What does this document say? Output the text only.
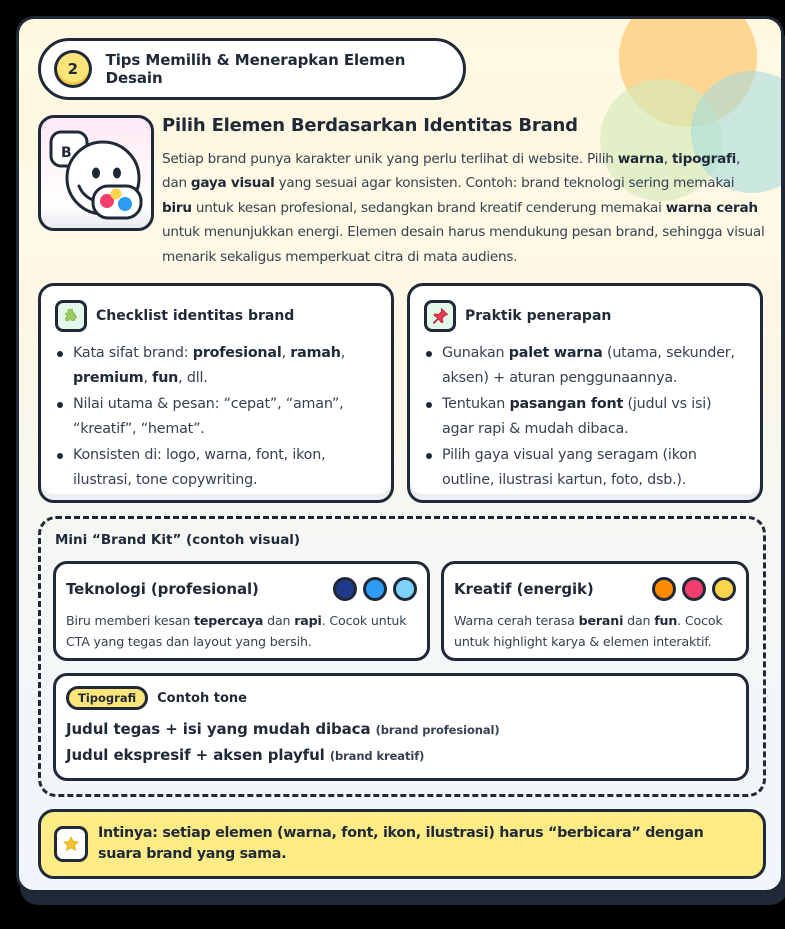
2	Tips Memilih & Menerapkan Elemen Desain
B
Pilih Elemen Berdasarkan Identitas Brand

Setiap brand punya karakter unik yang perlu terlihat di website. Pilih warna, tipografi, dan gaya visual yang sesuai agar konsisten. Contoh: brand teknologi sering memakai biru untuk kesan profesional, sedangkan brand kreatif cenderung memakai warna cerah untuk menunjukkan energi. Elemen desain harus mendukung pesan brand, sehingga visual menarik sekaligus memperkuat citra di mata audiens.

Checklist identitas brand
Kata sifat brand: profesional, ramah, premium, fun, dll.
Nilai utama & pesan: “cepat”, “aman”, “kreatif”, “hemat”.
Konsisten di: logo, warna, font, ikon, ilustrasi, tone copywriting.
Praktik penerapan
Gunakan palet warna (utama, sekunder, aksen) + aturan penggunaannya.
Tentukan pasangan font (judul vs isi) agar rapi & mudah dibaca.
Pilih gaya visual yang seragam (ikon outline, ilustrasi kartun, foto, dsb.).
Mini “Brand Kit” (contoh visual)
Teknologi (profesional)
Biru memberi kesan tepercaya dan rapi. Cocok untuk CTA yang tegas dan layout yang bersih.
Kreatif (energik)
Warna cerah terasa berani dan fun. Cocok untuk highlight karya & elemen interaktif.
Tipografi	Contoh tone
Judul tegas + isi yang mudah dibaca (brand profesional)
Judul ekspresif + aksen playful (brand kreatif)
Intinya: setiap elemen (warna, font, ikon, ilustrasi) harus “berbicara” dengan suara brand yang sama.
